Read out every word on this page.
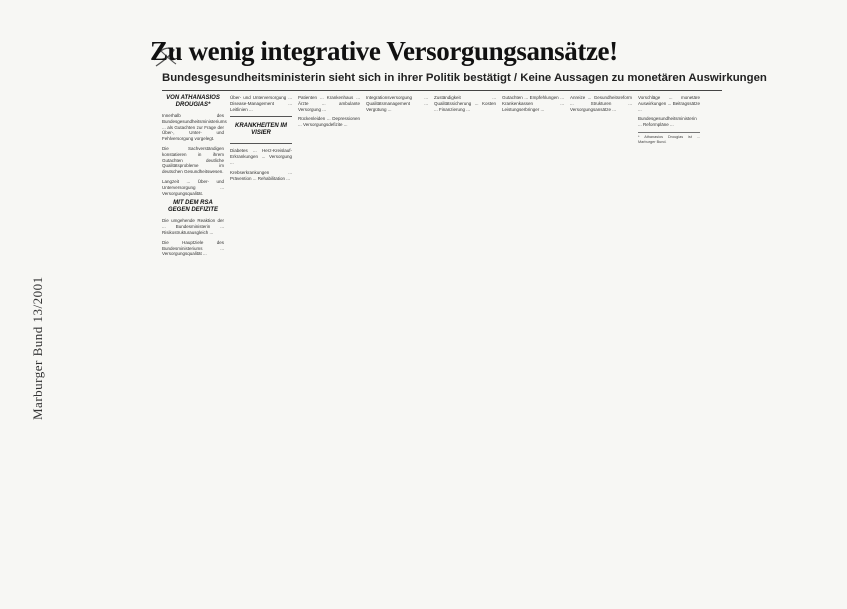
Zu wenig integrative Versorgungsansätze!
Bundesgesundheitsministerin sieht sich in ihrer Politik bestätigt / Keine Aussagen zu monetären Auswirkungen
Marburger Bund 13/2001
VON ATHANASIOS DROUGIAS*

Innerhalb des Bundesgesundheitsministeriums ... als Gutachten zur Frage der Über-, Unter- und Fehlversorgung vorgelegt.

Die Sachverständigen konstatieren in ihrem Gutachten deutliche Qualitätsprobleme im deutschen Gesundheitswesen.

Langzeit ... Über- und Unterversorgung ... Versorgungsqualität.

MIT DEM RSA GEGEN DEFIZITE

Die umgehende Reaktion der ... Bundesministerin ... Risikostrukturausgleich ...

Die Hauptziele des Bundesministeriums ... Versorgungsqualität ...

Über- und Unterversorgung ... Disease-Management ... Leitlinien ...

KRANKHEITEN IM VISIER

Diabetes ... Herz-Kreislauf-Erkrankungen ... Versorgung ...

Krebserkrankungen ... Prävention ... Rehabilitation ...

Patienten ... Krankenhaus ... Ärzte ... ambulante Versorgung ...

Rückenleiden ... Depressionen ... Versorgungsdefizite ...

Integrationsversorgung ... Qualitätsmanagement ... Vergütung ...

Zuständigkeit ... Qualitätssicherung ... Kosten ... Finanzierung ...

Gutachten ... Empfehlungen ... Krankenkassen ... Leistungserbringer ...

Anreize ... Gesundheitsreform ... Strukturen ... Versorgungsansätze ...

Vorschläge ... monetäre Auswirkungen ... Beitragssätze ...

Bundesgesundheitsministerin ... Reformpläne ...

* Athanasios Drougias ist ... Marburger Bund.
